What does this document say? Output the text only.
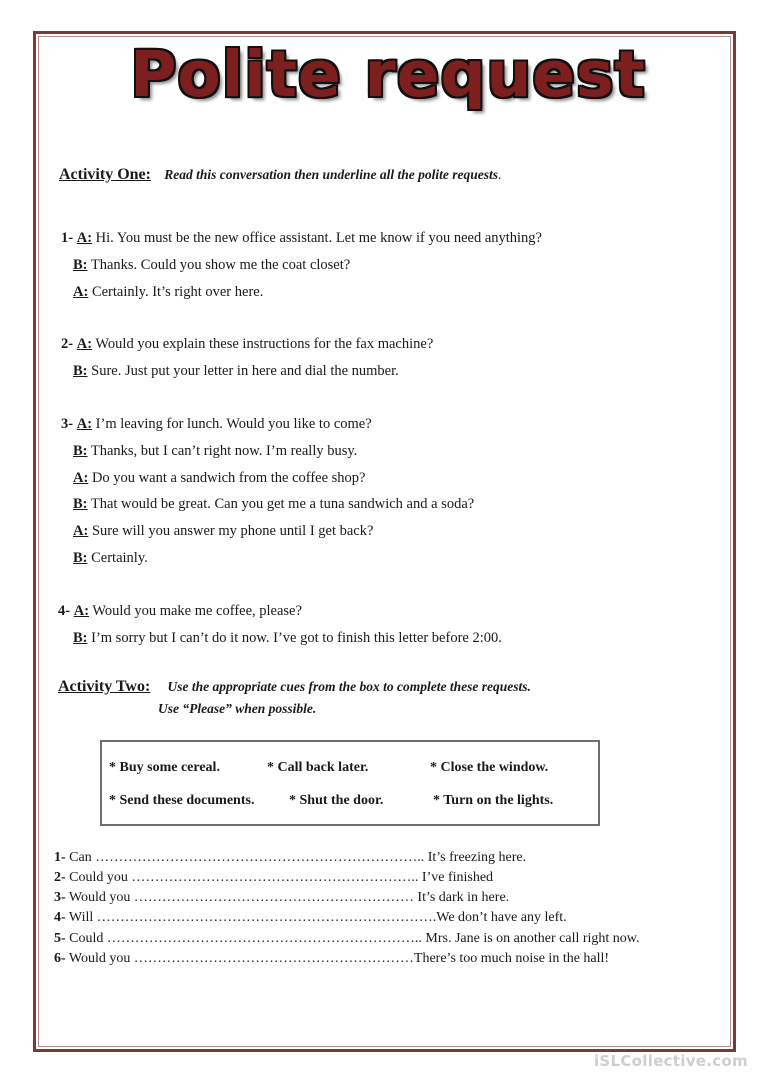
Polite request
Activity One: Read this conversation then underline all the polite requests.
1- A: Hi. You must be the new office assistant. Let me know if you need anything?
B: Thanks. Could you show me the coat closet?
A: Certainly. It’s right over here.
2- A: Would you explain these instructions for the fax machine?
B: Sure. Just put your letter in here and dial the number.
3- A: I’m leaving for lunch. Would you like to come?
B: Thanks, but I can’t right now. I’m really busy.
A: Do you want a sandwich from the coffee shop?
B: That would be great. Can you get me a tuna sandwich and a soda?
A: Sure will you answer my phone until I get back?
B: Certainly.
4- A: Would you make me coffee, please?
B: I’m sorry but I can’t do it now. I’ve got to finish this letter before 2:00.
Activity Two: Use the appropriate cues from the box to complete these requests.
Use “Please” when possible.
* Buy some cereal.	* Call back later.	* Close the window.
* Send these documents. * Shut the door.	* Turn on the lights.
1- Can …………………………………………………………….. It’s freezing here.
2- Could you …………………………………………………….. I’ve finished
3- Would you …………………………………………………… It’s dark in here.
4- Will ……………………………………………………………….We don’t have any left.
5- Could ………………………………………………………….. Mrs. Jane is on another call right now.
6- Would you ……………………………………………………There’s too much noise in the hall!
iSLCollective.com
